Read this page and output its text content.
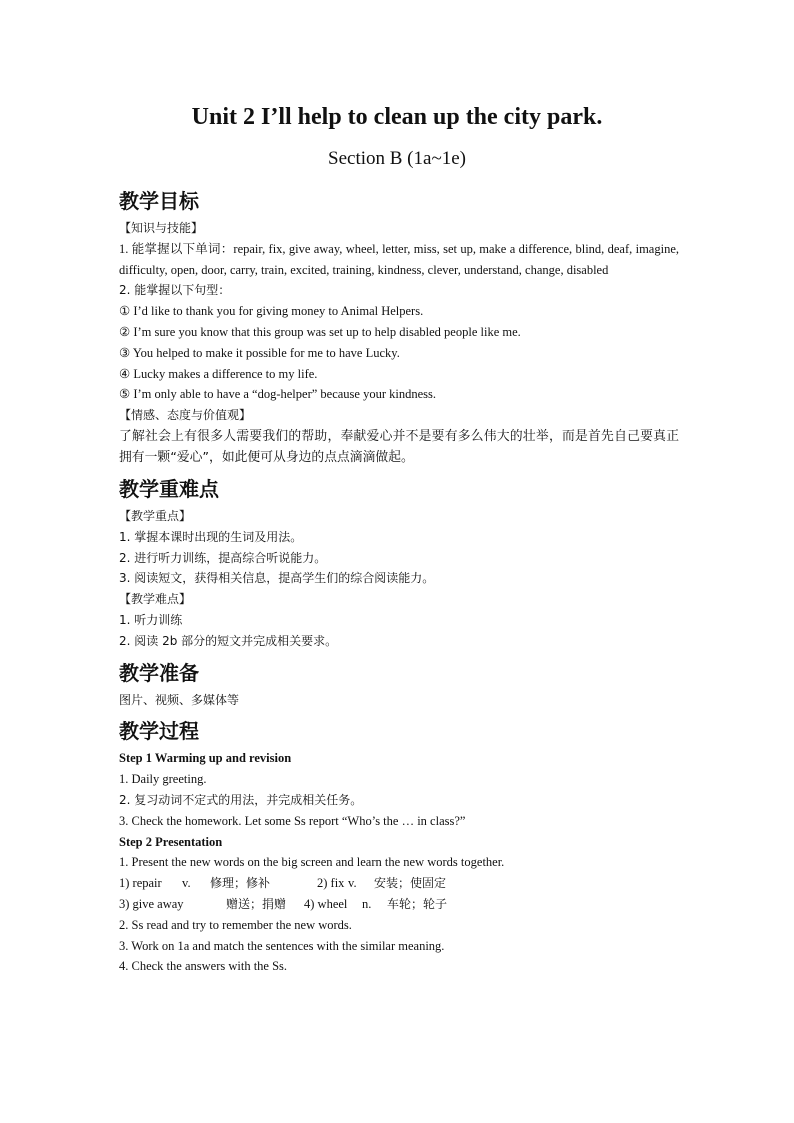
Unit 2 I’ll help to clean up the city park.
Section B (1a~1e)
教学目标
【知识与技能】
1. 能掌握以下单词：repair, fix, give away, wheel, letter, miss, set up, make a difference, blind, deaf, imagine, difficulty, open, door, carry, train, excited, training, kindness, clever, understand, change, disabled
2. 能掌握以下句型：
① I’d like to thank you for giving money to Animal Helpers.
② I’m sure you know that this group was set up to help disabled people like me.
③ You helped to make it possible for me to have Lucky.
④ Lucky makes a difference to my life.
⑤ I’m only able to have a “dog-helper” because your kindness.
【情感、态度与价值观】
了解社会上有很多人需要我们的帮助，奉献爱心并不是要有多么伟大的壮举，而是首先自己要真正拥有一颗“爱心”，如此便可从身边的点点滴滴做起。
教学重难点
【教学重点】
1. 掌握本课时出现的生词及用法。
2. 进行听力训练，提高综合听说能力。
3. 阅读短文，获得相关信息，提高学生们的综合阅读能力。
【教学难点】
1. 听力训练
2. 阅读 2b 部分的短文并完成相关要求。
教学准备
图片、视频、多媒体等
教学过程
Step 1 Warming up and revision
1. Daily greeting.
2. 复习动词不定式的用法，并完成相关任务。
3. Check the homework. Let some Ss report “Who’s the … in class?”
Step 2 Presentation
1. Present the new words on the big screen and learn the new words together.
1) repair v. 修理；修补	2) fix v. 安装；使固定
3) give away	赠送；捐赠 4) wheel n. 车轮；轮子
2. Ss read and try to remember the new words.
3. Work on 1a and match the sentences with the similar meaning.
4. Check the answers with the Ss.
